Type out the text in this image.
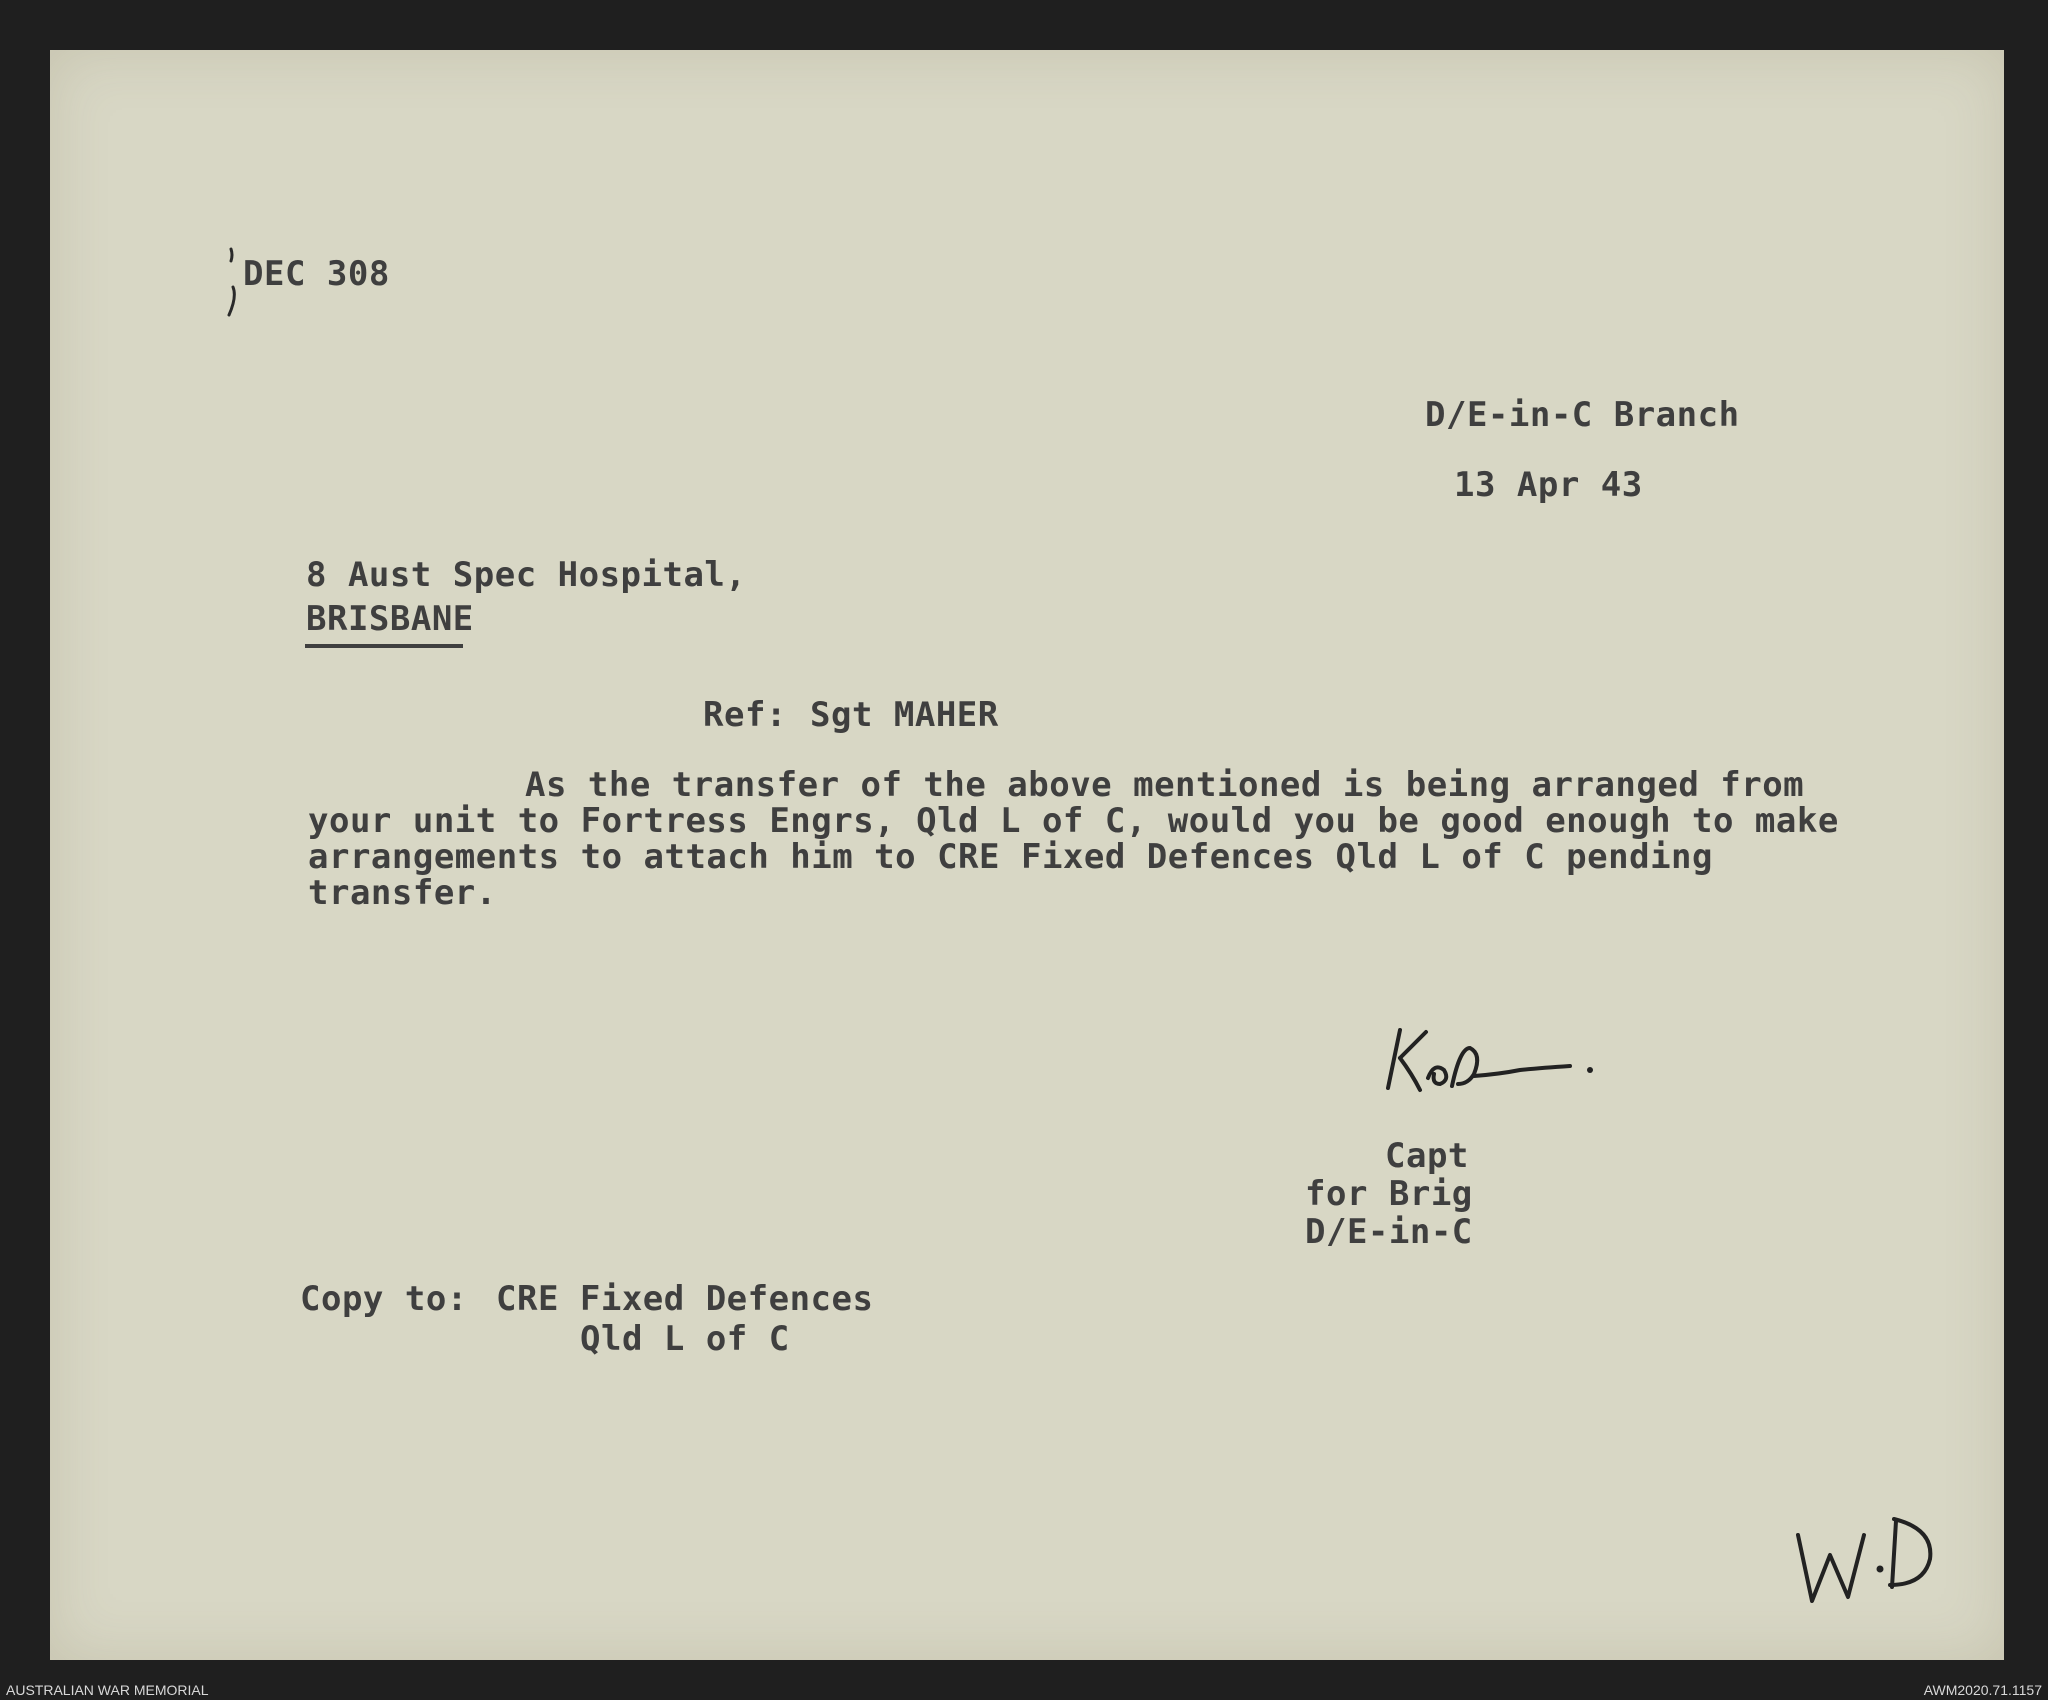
DEC 308

D/E-in-C Branch

13 Apr 43

8 Aust Spec Hospital,

BRISBANE

Ref: Sgt MAHER

As the transfer of the above mentioned is being arranged from

your unit to Fortress Engrs, Qld L of C, would you be good enough to make

arrangements to attach him to CRE Fixed Defences Qld L of C pending

transfer.

Capt

for Brig

D/E-in-C

Copy to: CRE Fixed Defences

Qld L of C

AUSTRALIAN WAR MEMORIAL	AWM2020.71.1157
